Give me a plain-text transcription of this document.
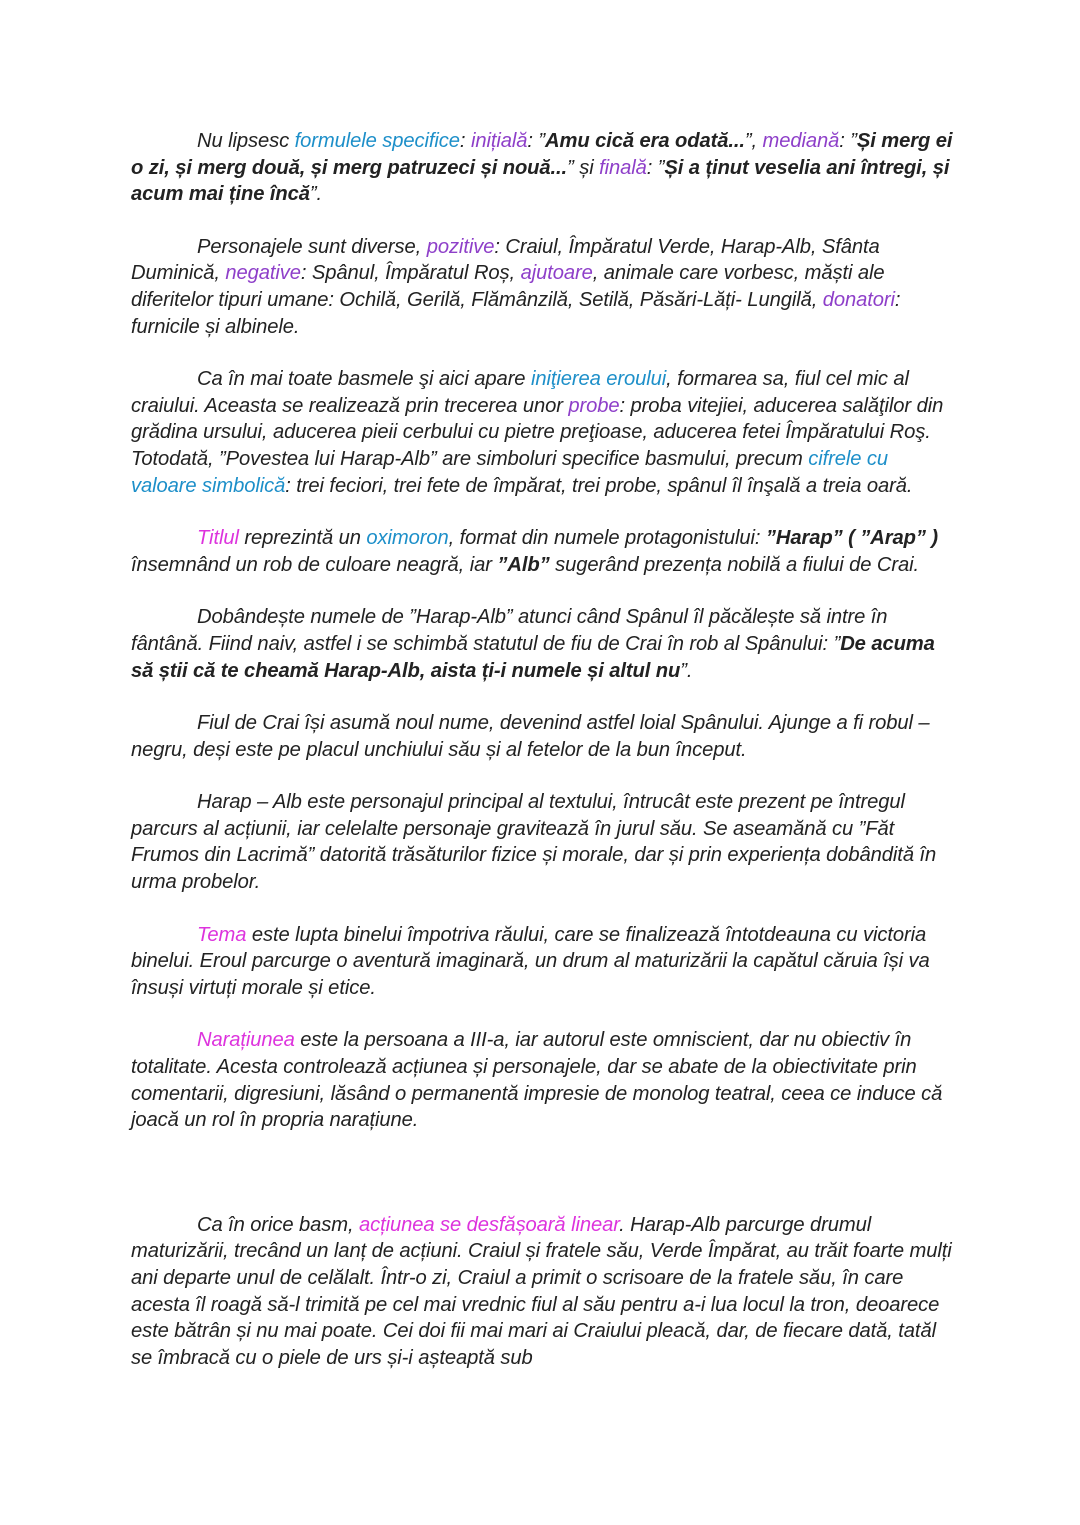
Nu lipsesc formulele specifice: inițială: ”Amu cică era odată...”, mediană: ”Și merg ei o zi, și merg două, și merg patruzeci și nouă...” și finală: ”Și a ținut veselia ani întregi, și acum mai ține încă”.

Personajele sunt diverse, pozitive: Craiul, Împăratul Verde, Harap-Alb, Sfânta Duminică, negative: Spânul, Împăratul Roș, ajutoare, animale care vorbesc, măști ale diferitelor tipuri umane: Ochilă, Gerilă, Flămânzilă, Setilă, Păsări-Lăți- Lungilă, donatori: furnicile și albinele.

Ca în mai toate basmele şi aici apare iniţierea eroului, formarea sa, fiul cel mic al craiului. Aceasta se realizează prin trecerea unor probe: proba vitejiei, aducerea salăţilor din grădina ursului, aducerea pieii cerbului cu pietre preţioase, aducerea fetei Împăratului Roş. Totodată, ”Povestea lui Harap-Alb” are simboluri specifice basmului, precum cifrele cu valoare simbolică: trei feciori, trei fete de împărat, trei probe, spânul îl înşală a treia oară.

Titlul reprezintă un oximoron, format din numele protagonistului: ”Harap” ( ”Arap” ) însemnând un rob de culoare neagră, iar ”Alb” sugerând prezența nobilă a fiului de Crai.

Dobândește numele de ”Harap-Alb” atunci când Spânul îl păcălește să intre în fântână. Fiind naiv, astfel i se schimbă statutul de fiu de Crai în rob al Spânului: ”De acuma să știi că te cheamă Harap-Alb, aista ți-i numele și altul nu”.

Fiul de Crai își asumă noul nume, devenind astfel loial Spânului. Ajunge a fi robul – negru, deși este pe placul unchiului său și al fetelor de la bun început.

Harap – Alb este personajul principal al textului, întrucât este prezent pe întregul parcurs al acțiunii, iar celelalte personaje gravitează în jurul său. Se aseamănă cu ”Făt Frumos din Lacrimă” datorită trăsăturilor fizice și morale, dar și prin experiența dobândită în urma probelor.

Tema este lupta binelui împotriva răului, care se finalizează întotdeauna cu victoria binelui. Eroul parcurge o aventură imaginară, un drum al maturizării la capătul căruia își va însuși virtuți morale și etice.

Narațiunea este la persoana a III-a, iar autorul este omniscient, dar nu obiectiv în totalitate. Acesta controlează acțiunea și personajele, dar se abate de la obiectivitate prin comentarii, digresiuni, lăsând o permanentă impresie de monolog teatral, ceea ce induce că joacă un rol în propria narațiune.

Ca în orice basm, acțiunea se desfășoară linear. Harap-Alb parcurge drumul maturizării, trecând un lanț de acțiuni. Craiul și fratele său, Verde Împărat, au trăit foarte mulți ani departe unul de celălalt. Într-o zi, Craiul a primit o scrisoare de la fratele său, în care acesta îl roagă să-l trimită pe cel mai vrednic fiul al său pentru a-i lua locul la tron, deoarece este bătrân și nu mai poate. Cei doi fii mai mari ai Craiului pleacă, dar, de fiecare dată, tatăl se îmbracă cu o piele de urs și-i așteaptă sub
